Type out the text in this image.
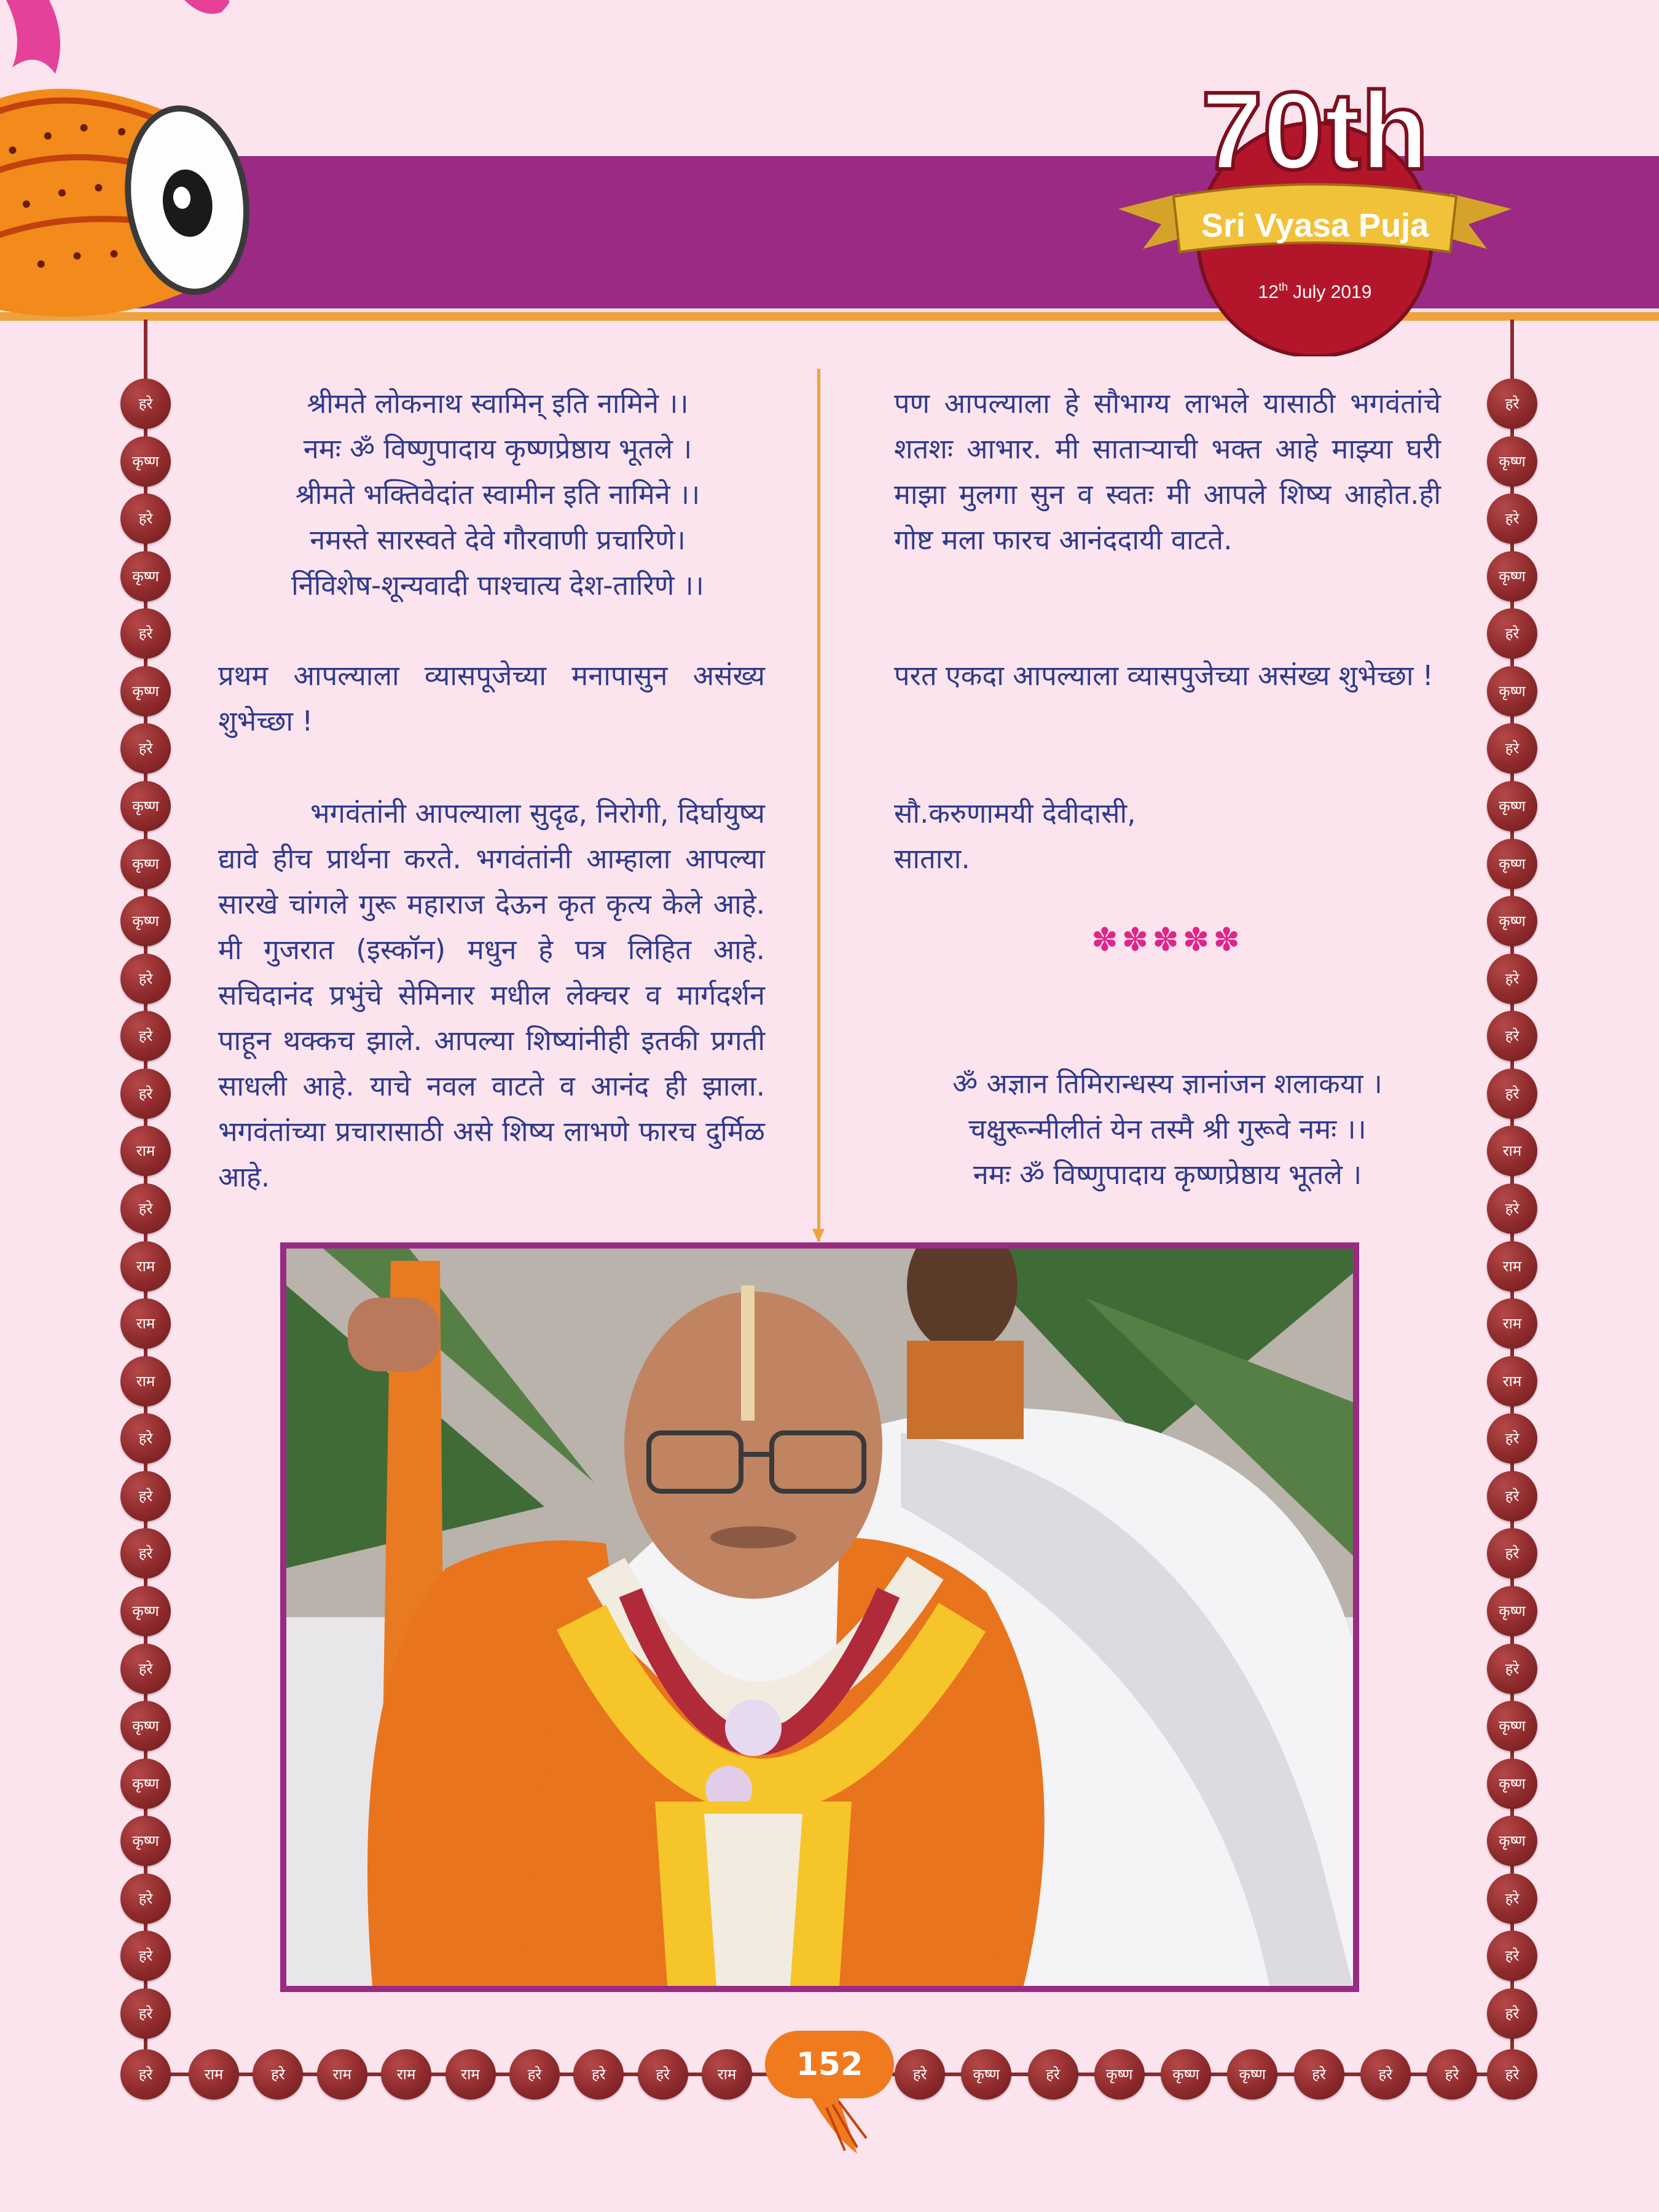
70th
Sri Vyasa Puja
12th July 2019
हरे
कृष्ण
हरे
कृष्ण
हरे
कृष्ण
हरे
कृष्ण
कृष्ण
कृष्ण
हरे
हरे
हरे
राम
हरे
राम
राम
राम
हरे
हरे
हरे
कृष्ण
हरे
कृष्ण
कृष्ण
कृष्ण
हरे
हरे
हरे
हरे
कृष्ण
हरे
कृष्ण
हरे
कृष्ण
हरे
कृष्ण
कृष्ण
कृष्ण
हरे
हरे
हरे
राम
हरे
राम
राम
राम
हरे
हरे
हरे
कृष्ण
हरे
कृष्ण
कृष्ण
कृष्ण
हरे
हरे
हरे
हरे	हरे
राम	हरे	राम	राम	राम	हरे	हरे	हरे	राम	हरे	कृष्ण	हरे	कृष्ण	कृष्ण	कृष्ण	हरे	हरे	हरे

श्रीमते लोकनाथ स्वामिन् इति नामिने ।।

नमः ॐ विष्णुपादाय कृष्णप्रेष्ठाय भूतले ।

श्रीमते भक्तिवेदांत स्वामीन इति नामिने ।।

नमस्ते सारस्वते देवे गौरवाणी प्रचारिणे।

र्निविशेष-शून्यवादी पाश्चात्य देश-तारिणे ।।

प्रथम आपल्याला व्यासपूजेच्या मनापासुन असंख्य शुभेच्छा !

भगवंतांनी आपल्याला सुदृढ, निरोगी, दिर्घायुष्य द्यावे हीच प्रार्थना करते. भगवंतांनी आम्हाला आपल्या सारखे चांगले गुरू महाराज देऊन कृत कृत्य केले आहे. मी गुजरात (इस्कॉन) मधुन हे पत्र लिहित आहे. सचिदानंद प्रभुंचे सेमिनार मधील लेक्चर व मार्गदर्शन पाहून थक्कच झाले. आपल्या शिष्यांनीही इतकी प्रगती साधली आहे. याचे नवल वाटते व आनंद ही झाला. भगवंतांच्या प्रचारासाठी असे शिष्य लाभणे फारच दुर्मिळ आहे.

पण आपल्याला हे सौभाग्य लाभले यासाठी भगवंतांचे शतशः आभार. मी सातार्‍याची भक्त आहे माझ्या घरी माझा मुलगा सुन व स्वतः मी आपले शिष्य आहोत.ही गोष्ट मला फारच आनंददायी वाटते.

परत एकदा आपल्याला व्यासपुजेच्या असंख्य शुभेच्छा !

सौ.करुणामयी देवीदासी,

सातारा.

✽✽✽✽✽

ॐ अज्ञान तिमिरान्धस्य ज्ञानांजन शलाकया ।

चक्षुरून्मीलीतं येन तस्मै श्री गुरूवे नमः ।।

नमः ॐ विष्णुपादाय कृष्णप्रेष्ठाय भूतले ।

152
